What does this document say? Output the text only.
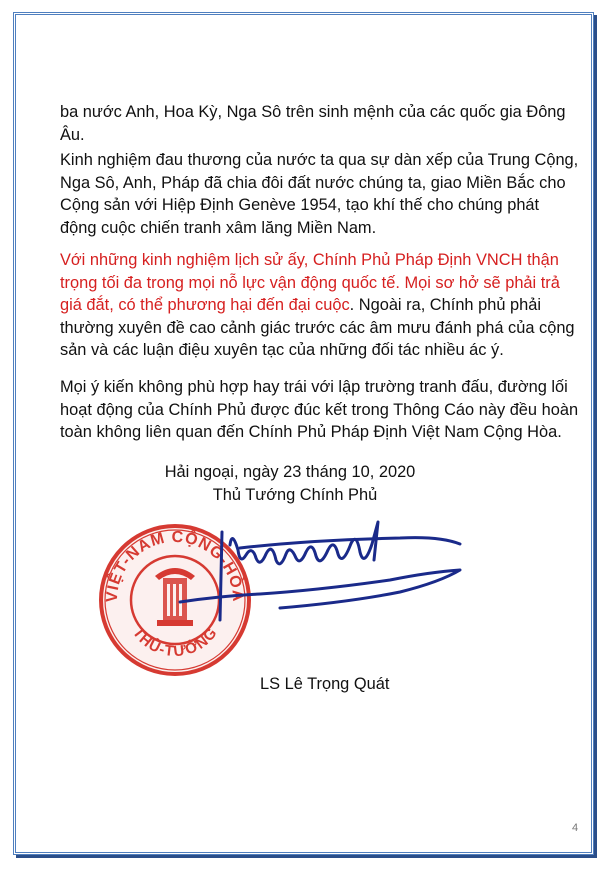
ba nước Anh, Hoa Kỳ, Nga Sô trên sinh mệnh của các quốc gia Đông Âu.

Kinh nghiệm đau thương của nước ta qua sự dàn xếp của Trung Cộng, Nga Sô, Anh, Pháp đã chia đôi đất nước chúng ta, giao Miền Bắc cho Cộng sản với Hiệp Định Genève 1954, tạo khí thế cho chúng phát động cuộc chiến tranh xâm lăng Miền Nam.

Với những kinh nghiệm lịch sử ấy, Chính Phủ Pháp Định VNCH thận trọng tối đa trong mọi nỗ lực vận động quốc tế. Mọi sơ hở sẽ phải trả giá đắt, có thể phương hại đến đại cuộc. Ngoài ra, Chính phủ phải thường xuyên đề cao cảnh giác trước các âm mưu đánh phá của cộng sản và các luận điệu xuyên tạc của những đối tác nhiều ác ý.

Mọi ý kiến không phù hợp hay trái với lập trường tranh đấu, đường lối hoạt động của Chính Phủ được đúc kết trong Thông Cáo này đều hoàn toàn không liên quan đến Chính Phủ Pháp Định Việt Nam Cộng Hòa.

Hải ngoại, ngày 23 tháng 10, 2020
Thủ Tướng Chính Phủ
VIỆT-NAM CỘNG-HÒA
THỦ-TƯỚNG
LS Lê Trọng Quát
4
